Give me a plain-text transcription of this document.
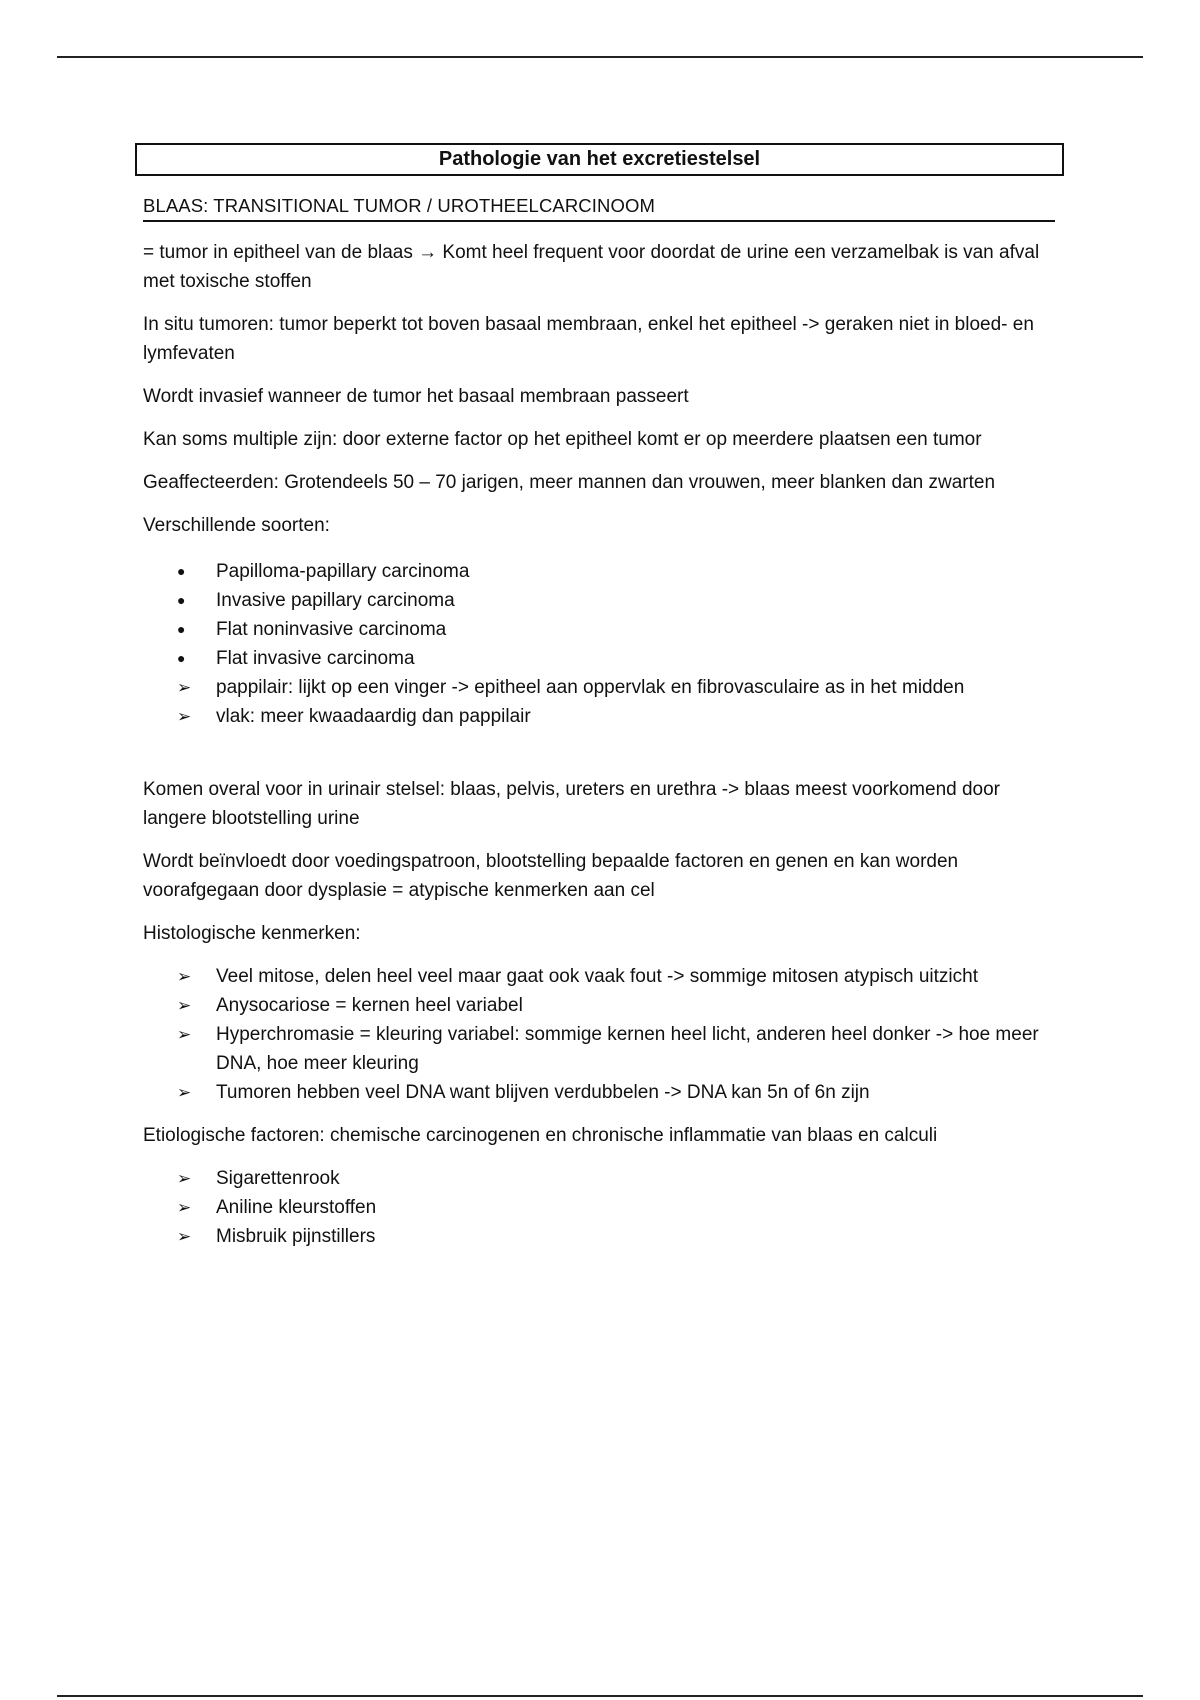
Pathologie van het excretiestelsel
BLAAS: TRANSITIONAL TUMOR / UROTHEELCARCINOOM

= tumor in epitheel van de blaas → Komt heel frequent voor doordat de urine een verzamelbak is van afval met toxische stoffen

In situ tumoren: tumor beperkt tot boven basaal membraan, enkel het epitheel -> geraken niet in bloed- en lymfevaten

Wordt invasief wanneer de tumor het basaal membraan passeert

Kan soms multiple zijn: door externe factor op het epitheel komt er op meerdere plaatsen een tumor

Geaffecteerden: Grotendeels 50 – 70 jarigen, meer mannen dan vrouwen, meer blanken dan zwarten

Verschillende soorten:

●	Papilloma-papillary carcinoma
●	Invasive papillary carcinoma
●	Flat noninvasive carcinoma
●	Flat invasive carcinoma
➢	pappilair: lijkt op een vinger -> epitheel aan oppervlak en fibrovasculaire as in het midden
➢	vlak: meer kwaadaardig dan pappilair

Komen overal voor in urinair stelsel: blaas, pelvis, ureters en urethra -> blaas meest voorkomend door langere blootstelling urine

Wordt beïnvloedt door voedingspatroon, blootstelling bepaalde factoren en genen en kan worden voorafgegaan door dysplasie = atypische kenmerken aan cel

Histologische kenmerken:

➢	Veel mitose, delen heel veel maar gaat ook vaak fout -> sommige mitosen atypisch uitzicht
➢	Anysocariose = kernen heel variabel
➢	Hyperchromasie = kleuring variabel: sommige kernen heel licht, anderen heel donker -> hoe meer DNA, hoe meer kleuring
➢	Tumoren hebben veel DNA want blijven verdubbelen -> DNA kan 5n of 6n zijn

Etiologische factoren: chemische carcinogenen en chronische inflammatie van blaas en calculi

➢	Sigarettenrook
➢	Aniline kleurstoffen
➢	Misbruik pijnstillers
